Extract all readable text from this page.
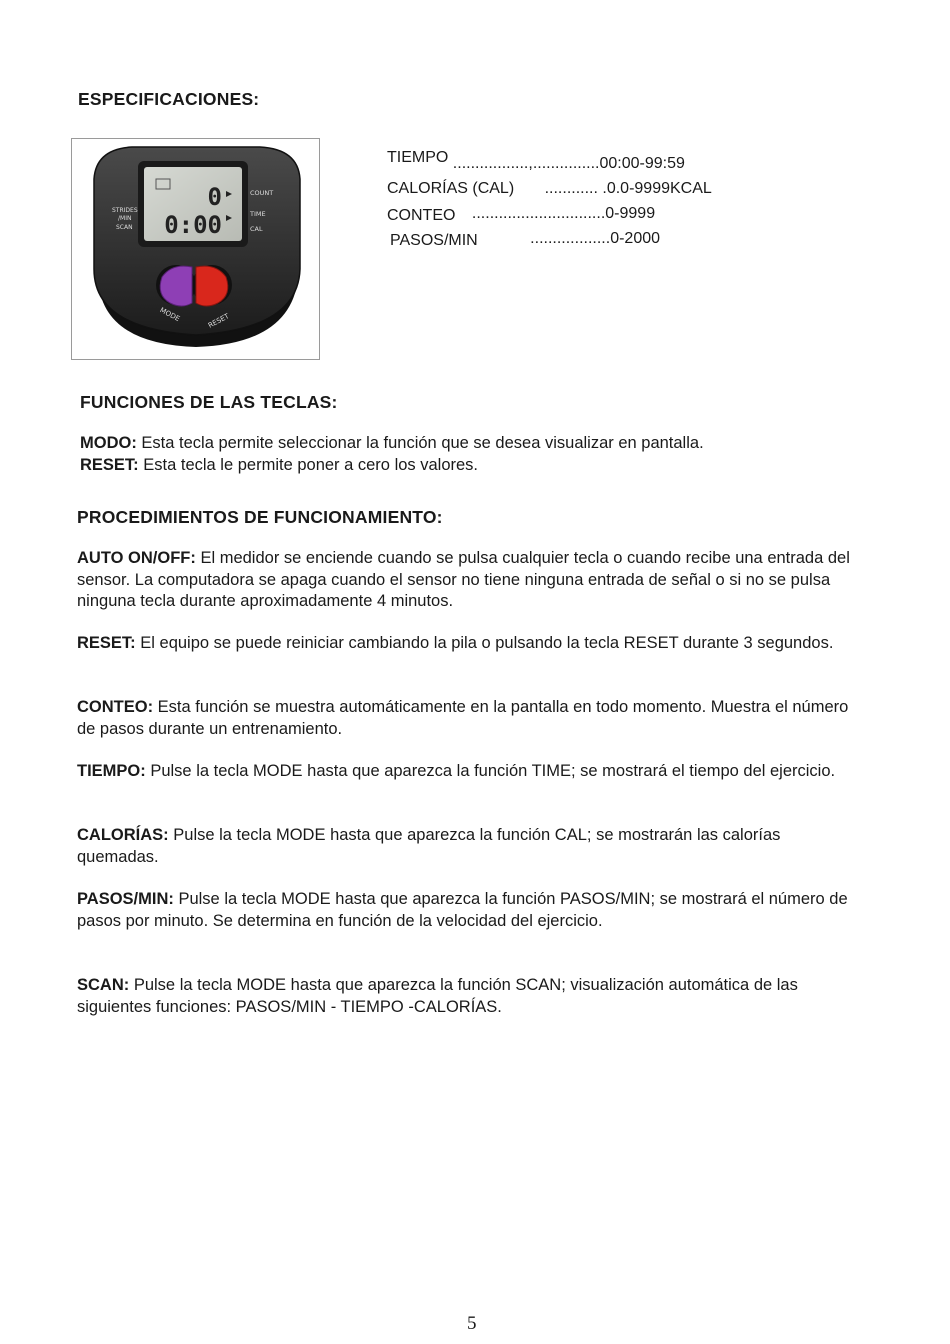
ESPECIFICACIONES:
0
0:00
STRIDES
/MIN
SCAN
COUNT
TIME
CAL
MODE	RESET
TIEMPO .................,...............00:00-99:59
CALORÍAS (CAL) ............ .0.0-9999KCAL
CONTEO ..............................0-9999
PASOS/MIN	..................0-2000
FUNCIONES DE LAS TECLAS:
MODO: Esta tecla permite seleccionar la función que se desea visualizar en pantalla.
RESET: Esta tecla le permite poner a cero los valores.
PROCEDIMIENTOS DE FUNCIONAMIENTO:
AUTO ON/OFF: El medidor se enciende cuando se pulsa cualquier tecla o cuando recibe una entrada del sensor. La computadora se apaga cuando el sensor no tiene ninguna entrada de señal o si no se pulsa ninguna tecla durante aproximadamente 4 minutos.
RESET: El equipo se puede reiniciar cambiando la pila o pulsando la tecla RESET durante 3 segundos.
CONTEO: Esta función se muestra automáticamente en la pantalla en todo momento. Muestra el número de pasos durante un entrenamiento.
TIEMPO: Pulse la tecla MODE hasta que aparezca la función TIME; se mostrará el tiempo del ejercicio.
CALORÍAS: Pulse la tecla MODE hasta que aparezca la función CAL; se mostrarán las calorías quemadas.
PASOS/MIN: Pulse la tecla MODE hasta que aparezca la función PASOS/MIN; se mostrará el número de pasos por minuto. Se determina en función de la velocidad del ejercicio.
SCAN: Pulse la tecla MODE hasta que aparezca la función SCAN; visualización automática de las siguientes funciones: PASOS/MIN - TIEMPO -CALORÍAS.
5
